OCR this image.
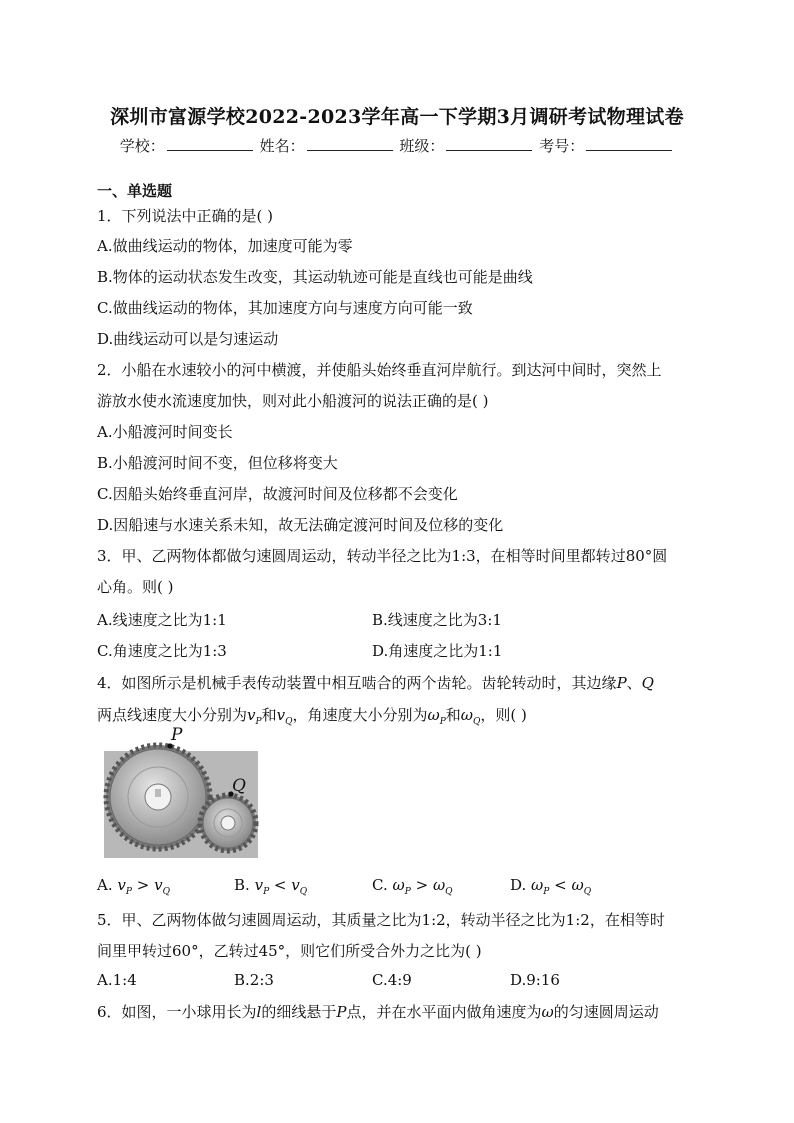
深圳市富源学校2022-2023学年高一下学期3月调研考试物理试卷
学校：	姓名：	班级：	考号：
一、单选题
1．下列说法中正确的是( )
A.做曲线运动的物体，加速度可能为零
B.物体的运动状态发生改变，其运动轨迹可能是直线也可能是曲线
C.做曲线运动的物体，其加速度方向与速度方向可能一致
D.曲线运动可以是匀速运动
2．小船在水速较小的河中横渡，并使船头始终垂直河岸航行。到达河中间时，突然上
游放水使水流速度加快，则对此小船渡河的说法正确的是( )
A.小船渡河时间变长
B.小船渡河时间不变，但位移将变大
C.因船头始终垂直河岸，故渡河时间及位移都不会变化
D.因船速与水速关系未知，故无法确定渡河时间及位移的变化
3．甲、乙两物体都做匀速圆周运动，转动半径之比为1:3，在相等时间里都转过80°圆
心角。则( )
A.线速度之比为1:1	B.线速度之比为3:1
C.角速度之比为1:3	D.角速度之比为1:1
4．如图所示是机械手表传动装置中相互啮合的两个齿轮。齿轮转动时，其边缘P、Q
两点线速度大小分别为$v_P$和$v_Q$，角速度大小分别为$\omega_P$和$\omega_Q$，则( )
P
Q
A. $v_P > v_Q$	B. $v_P < v_Q$	C. $\omega_P > \omega_Q$	D. $\omega_P < \omega_Q$
5．甲、乙两物体做匀速圆周运动，其质量之比为1:2，转动半径之比为1:2，在相等时
间里甲转过60°，乙转过45°，则它们所受合外力之比为( )
A.1:4	B.2:3	C.4:9	D.9:16
6．如图，一小球用长为l的细线悬于P点，并在水平面内做角速度为ω的匀速圆周运动
